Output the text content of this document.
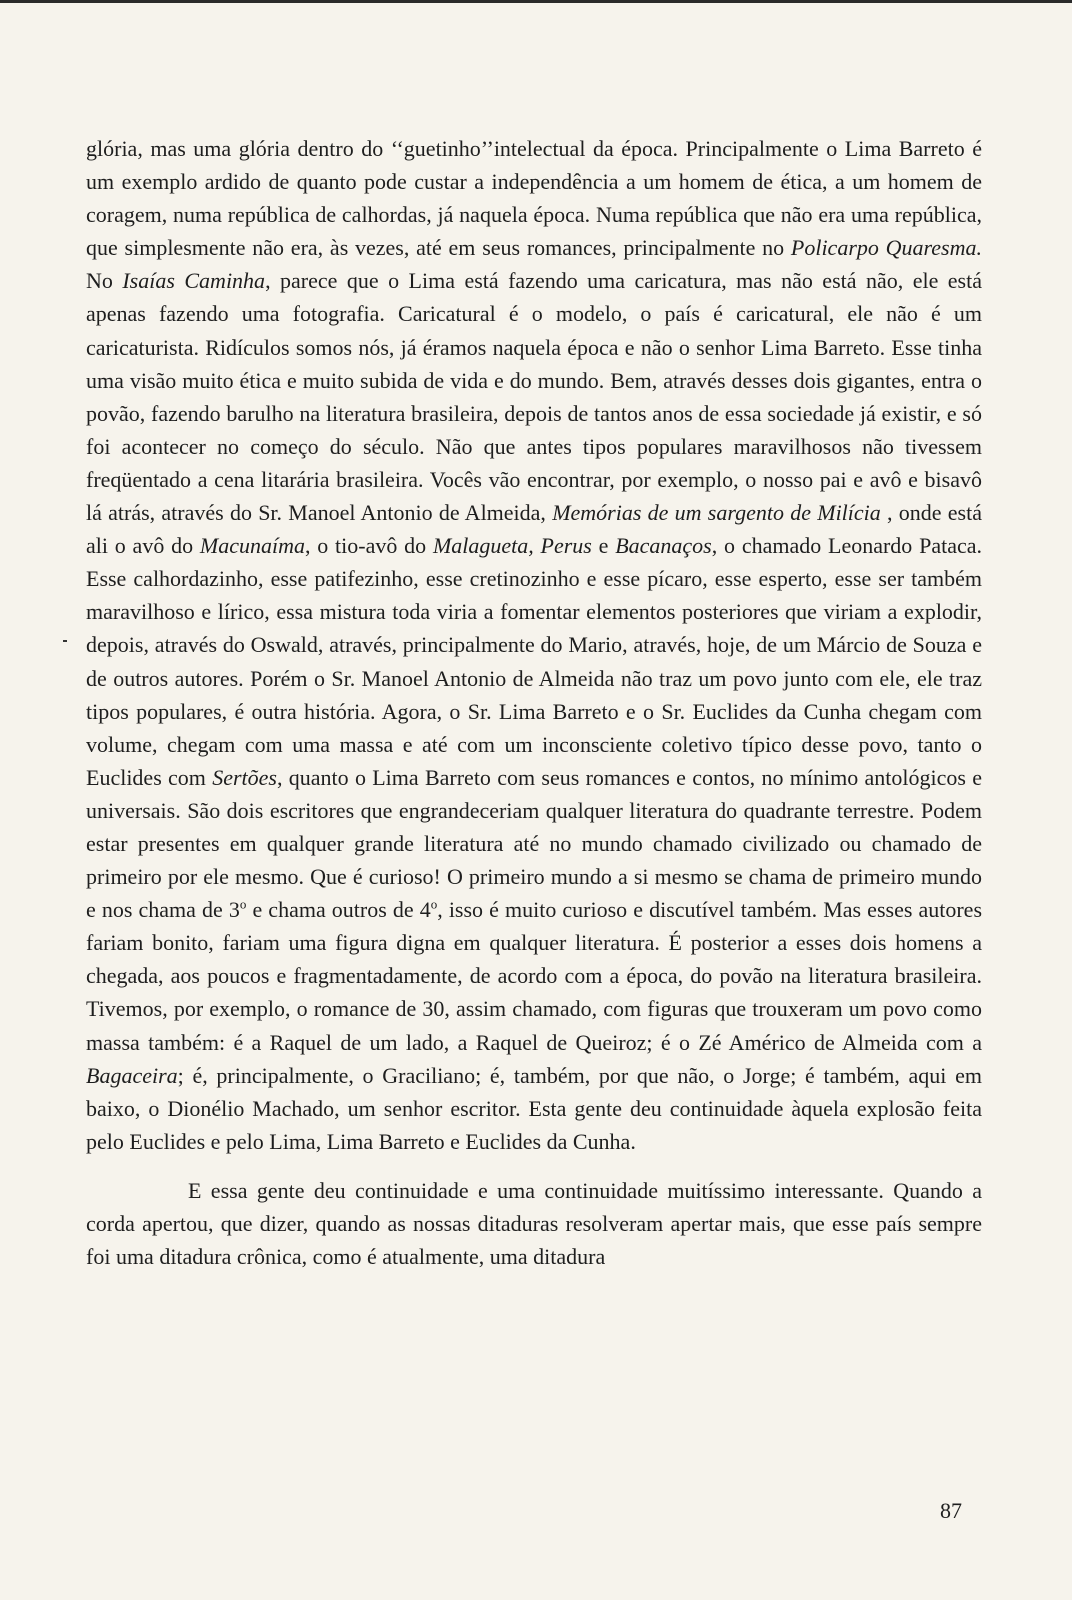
glória, mas uma glória dentro do ‘‘guetinho’’intelectual da época. Principalmente o Lima Barreto é um exemplo ardido de quanto pode custar a independência a um homem de ética, a um homem de coragem, numa república de calhordas, já naquela época. Numa república que não era uma república, que simplesmente não era, às vezes, até em seus romances, principalmente no Policarpo Quaresma. No Isaías Caminha, parece que o Lima está fazendo uma caricatura, mas não está não, ele está apenas fazendo uma fotografia. Caricatural é o modelo, o país é caricatural, ele não é um caricaturista. Ridículos somos nós, já éramos naquela época e não o senhor Lima Barreto. Esse tinha uma visão muito ética e muito subida de vida e do mundo. Bem, através desses dois gigantes, entra o povão, fazendo barulho na literatura brasileira, depois de tantos anos de essa sociedade já existir, e só foi acontecer no começo do século. Não que antes tipos populares maravilhosos não tivessem freqüentado a cena litarária brasileira. Vocês vão encontrar, por exemplo, o nosso pai e avô e bisavô lá atrás, através do Sr. Manoel Antonio de Almeida, Memórias de um sargento de Milícia , onde está ali o avô do Macunaíma, o tio-avô do Malagueta, Perus e Bacanaços, o chamado Leonardo Pataca. Esse calhordazinho, esse patifezinho, esse cretinozinho e esse pícaro, esse esperto, esse ser também maravilhoso e lírico, essa mistura toda viria a fomentar elementos posteriores que viriam a explodir, depois, através do Oswald, através, principalmente do Mario, através, hoje, de um Márcio de Souza e de outros autores. Porém o Sr. Manoel Antonio de Almeida não traz um povo junto com ele, ele traz tipos populares, é outra história. Agora, o Sr. Lima Barreto e o Sr. Euclides da Cunha chegam com volume, chegam com uma massa e até com um inconsciente coletivo típico desse povo, tanto o Euclides com Sertões, quanto o Lima Barreto com seus romances e contos, no mínimo antológicos e universais. São dois escritores que engrandeceriam qualquer literatura do quadrante terrestre. Podem estar presentes em qualquer grande literatura até no mundo chamado civilizado ou chamado de primeiro por ele mesmo. Que é curioso! O primeiro mundo a si mesmo se chama de primeiro mundo e nos chama de 3$^o$ e chama outros de 4$^o$, isso é muito curioso e discutível também. Mas esses autores fariam bonito, fariam uma figura digna em qualquer literatura. É posterior a esses dois homens a chegada, aos poucos e fragmentadamente, de acordo com a época, do povão na literatura brasileira. Tivemos, por exemplo, o romance de 30, assim chamado, com figuras que trouxeram um povo como massa também: é a Raquel de um lado, a Raquel de Queiroz; é o Zé Américo de Almeida com a Bagaceira; é, principalmente, o Graciliano; é, também, por que não, o Jorge; é também, aqui em baixo, o Dionélio Machado, um senhor escritor. Esta gente deu continuidade àquela explosão feita pelo Euclides e pelo Lima, Lima Barreto e Euclides da Cunha.

E essa gente deu continuidade e uma continuidade muitíssimo interessante. Quando a corda apertou, que dizer, quando as nossas ditaduras resolveram apertar mais, que esse país sempre foi uma ditadura crônica, como é atualmente, uma ditadura

87
